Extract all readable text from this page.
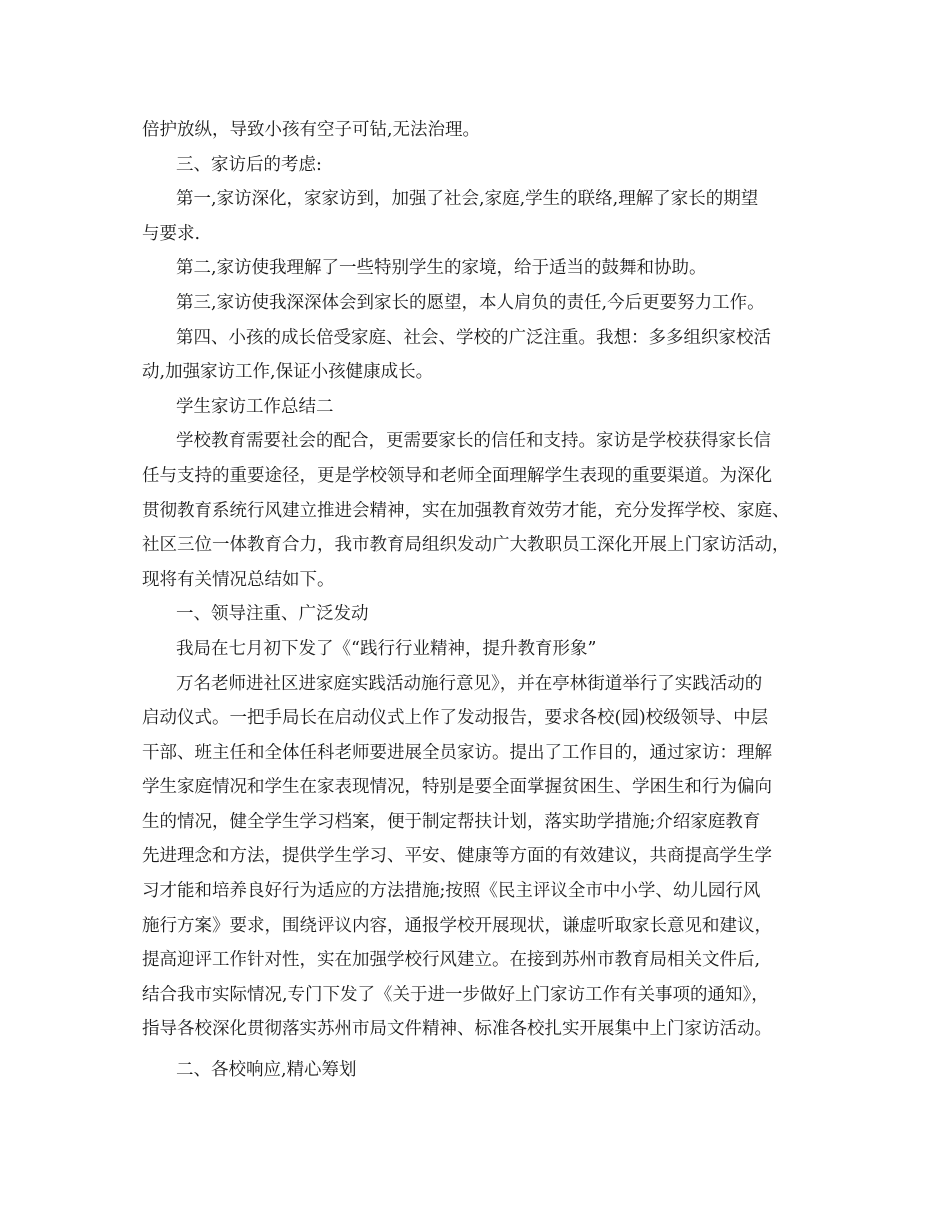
倍护放纵，导致小孩有空子可钻,无法治理。
三、家访后的考虑:
第一,家访深化，家家访到，加强了社会,家庭,学生的联络,理解了家长的期望
与要求.
第二,家访使我理解了一些特别学生的家境，给于适当的鼓舞和协助。
第三,家访使我深深体会到家长的愿望，本人肩负的责任,今后更要努力工作。
第四、小孩的成长倍受家庭、社会、学校的广泛注重。我想：多多组织家校活
动,加强家访工作,保证小孩健康成长。
学生家访工作总结二
学校教育需要社会的配合，更需要家长的信任和支持。家访是学校获得家长信
任与支持的重要途径，更是学校领导和老师全面理解学生表现的重要渠道。为深化
贯彻教育系统行风建立推进会精神，实在加强教育效劳才能，充分发挥学校、家庭、
社区三位一体教育合力，我市教育局组织发动广大教职员工深化开展上门家访活动，
现将有关情况总结如下。
一、领导注重、广泛发动
我局在七月初下发了《“践行行业精神，提升教育形象”
万名老师进社区进家庭实践活动施行意见》，并在亭林街道举行了实践活动的
启动仪式。一把手局长在启动仪式上作了发动报告，要求各校(园)校级领导、中层
干部、班主任和全体任科老师要进展全员家访。提出了工作目的，通过家访：理解
学生家庭情况和学生在家表现情况，特别是要全面掌握贫困生、学困生和行为偏向
生的情况，健全学生学习档案，便于制定帮扶计划，落实助学措施;介绍家庭教育
先进理念和方法，提供学生学习、平安、健康等方面的有效建议，共商提高学生学
习才能和培养良好行为适应的方法措施;按照《民主评议全市中小学、幼儿园行风
施行方案》要求，围绕评议内容，通报学校开展现状，谦虚听取家长意见和建议，
提高迎评工作针对性，实在加强学校行风建立。在接到苏州市教育局相关文件后,
结合我市实际情况,专门下发了《关于进一步做好上门家访工作有关事项的通知》，
指导各校深化贯彻落实苏州市局文件精神、标准各校扎实开展集中上门家访活动。
二、各校响应,精心筹划
